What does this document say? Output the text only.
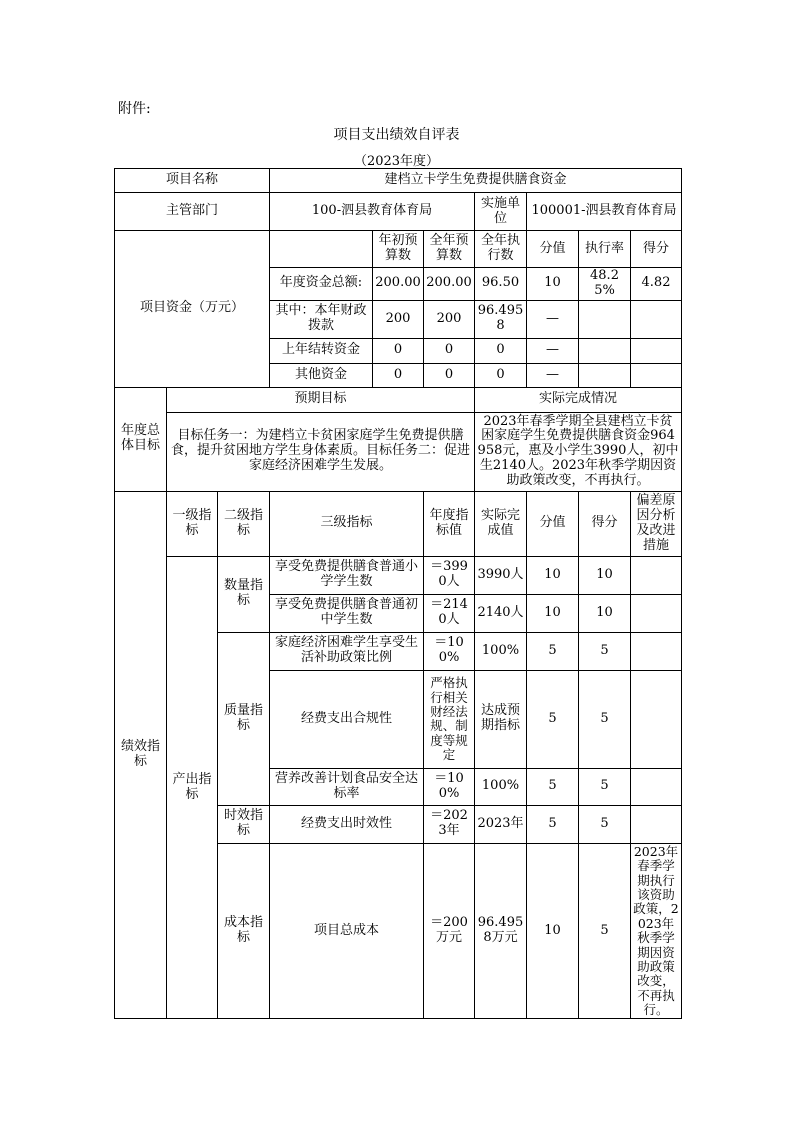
附件:
项目支出绩效自评表
（2023年度）
项目名称			建档立卡学生免费提供膳食资金						
主管部门			100-泗县教育体育局			实施单位	100001-泗县教育体育局		
项目资金（万元）				年初预算数	全年预算数	全年执行数	分值	执行率	得分
			年度资金总额:	200.00	200.00	96.50	10	48.25%	4.82
			其中：本年财政拨款	200	200	96.4958	—		
			上年结转资金	0	0	0	—		
			其他资金	0	0	0	—		
年度总体目标	预期目标					实际完成情况			
	目标任务一：为建档立卡贫困家庭学生免费提供膳食，提升贫困地方学生身体素质。目标任务二：促进家庭经济困难学生发展。					2023年春季学期全县建档立卡贫困家庭学生免费提供膳食资金964958元，惠及小学生3990人，初中生2140人。2023年秋季学期因资助政策改变，不再执行。			
绩效指标	一级指标	二级指标	三级指标		年度指标值	实际完成值	分值	得分	偏差原因分析及改进措施
	产出指标	数量指标	享受免费提供膳食普通小学学生数		＝3990人	3990人	10	10	
			享受免费提供膳食普通初中学生数		＝2140人	2140人	10	10	
		质量指标	家庭经济困难学生享受生活补助政策比例		＝100%	100%	5	5	
			经费支出合规性		严格执行相关财经法规、制度等规定	达成预期指标	5	5	
			营养改善计划食品安全达标率		＝100%	100%	5	5	
		时效指标	经费支出时效性		＝2023年	2023年	5	5	
		成本指标	项目总成本		＝200万元	96.4958万元	10	5	2023年春季学期执行该资助政策，2023年秋季学期因资助政策改变，不再执行。
